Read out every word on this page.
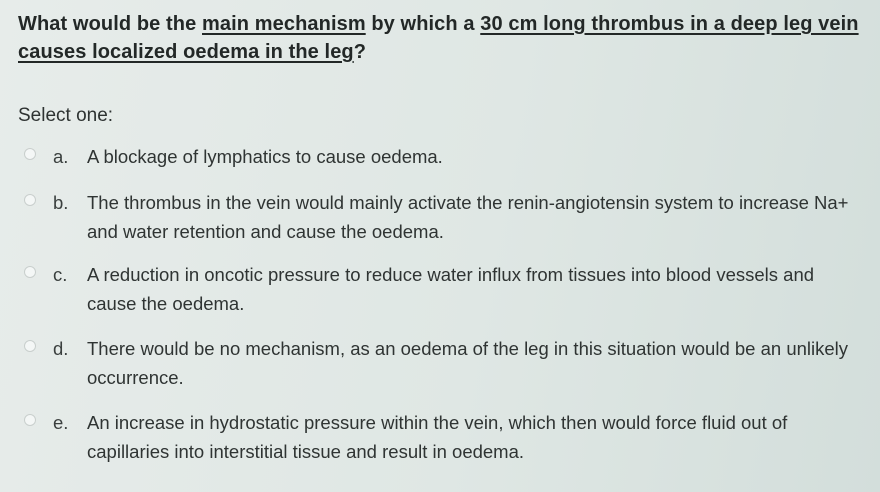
What would be the main mechanism by which a 30 cm long thrombus in a deep leg vein causes localized oedema in the leg?
Select one:
a.	A blockage of lymphatics to cause oedema.
b.	The thrombus in the vein would mainly activate the renin-angiotensin system to increase Na+ and water retention and cause the oedema.
c.	A reduction in oncotic pressure to reduce water influx from tissues into blood vessels and cause the oedema.
d.	There would be no mechanism, as an oedema of the leg in this situation would be an unlikely occurrence.
e.	An increase in hydrostatic pressure within the vein, which then would force fluid out of capillaries into interstitial tissue and result in oedema.
